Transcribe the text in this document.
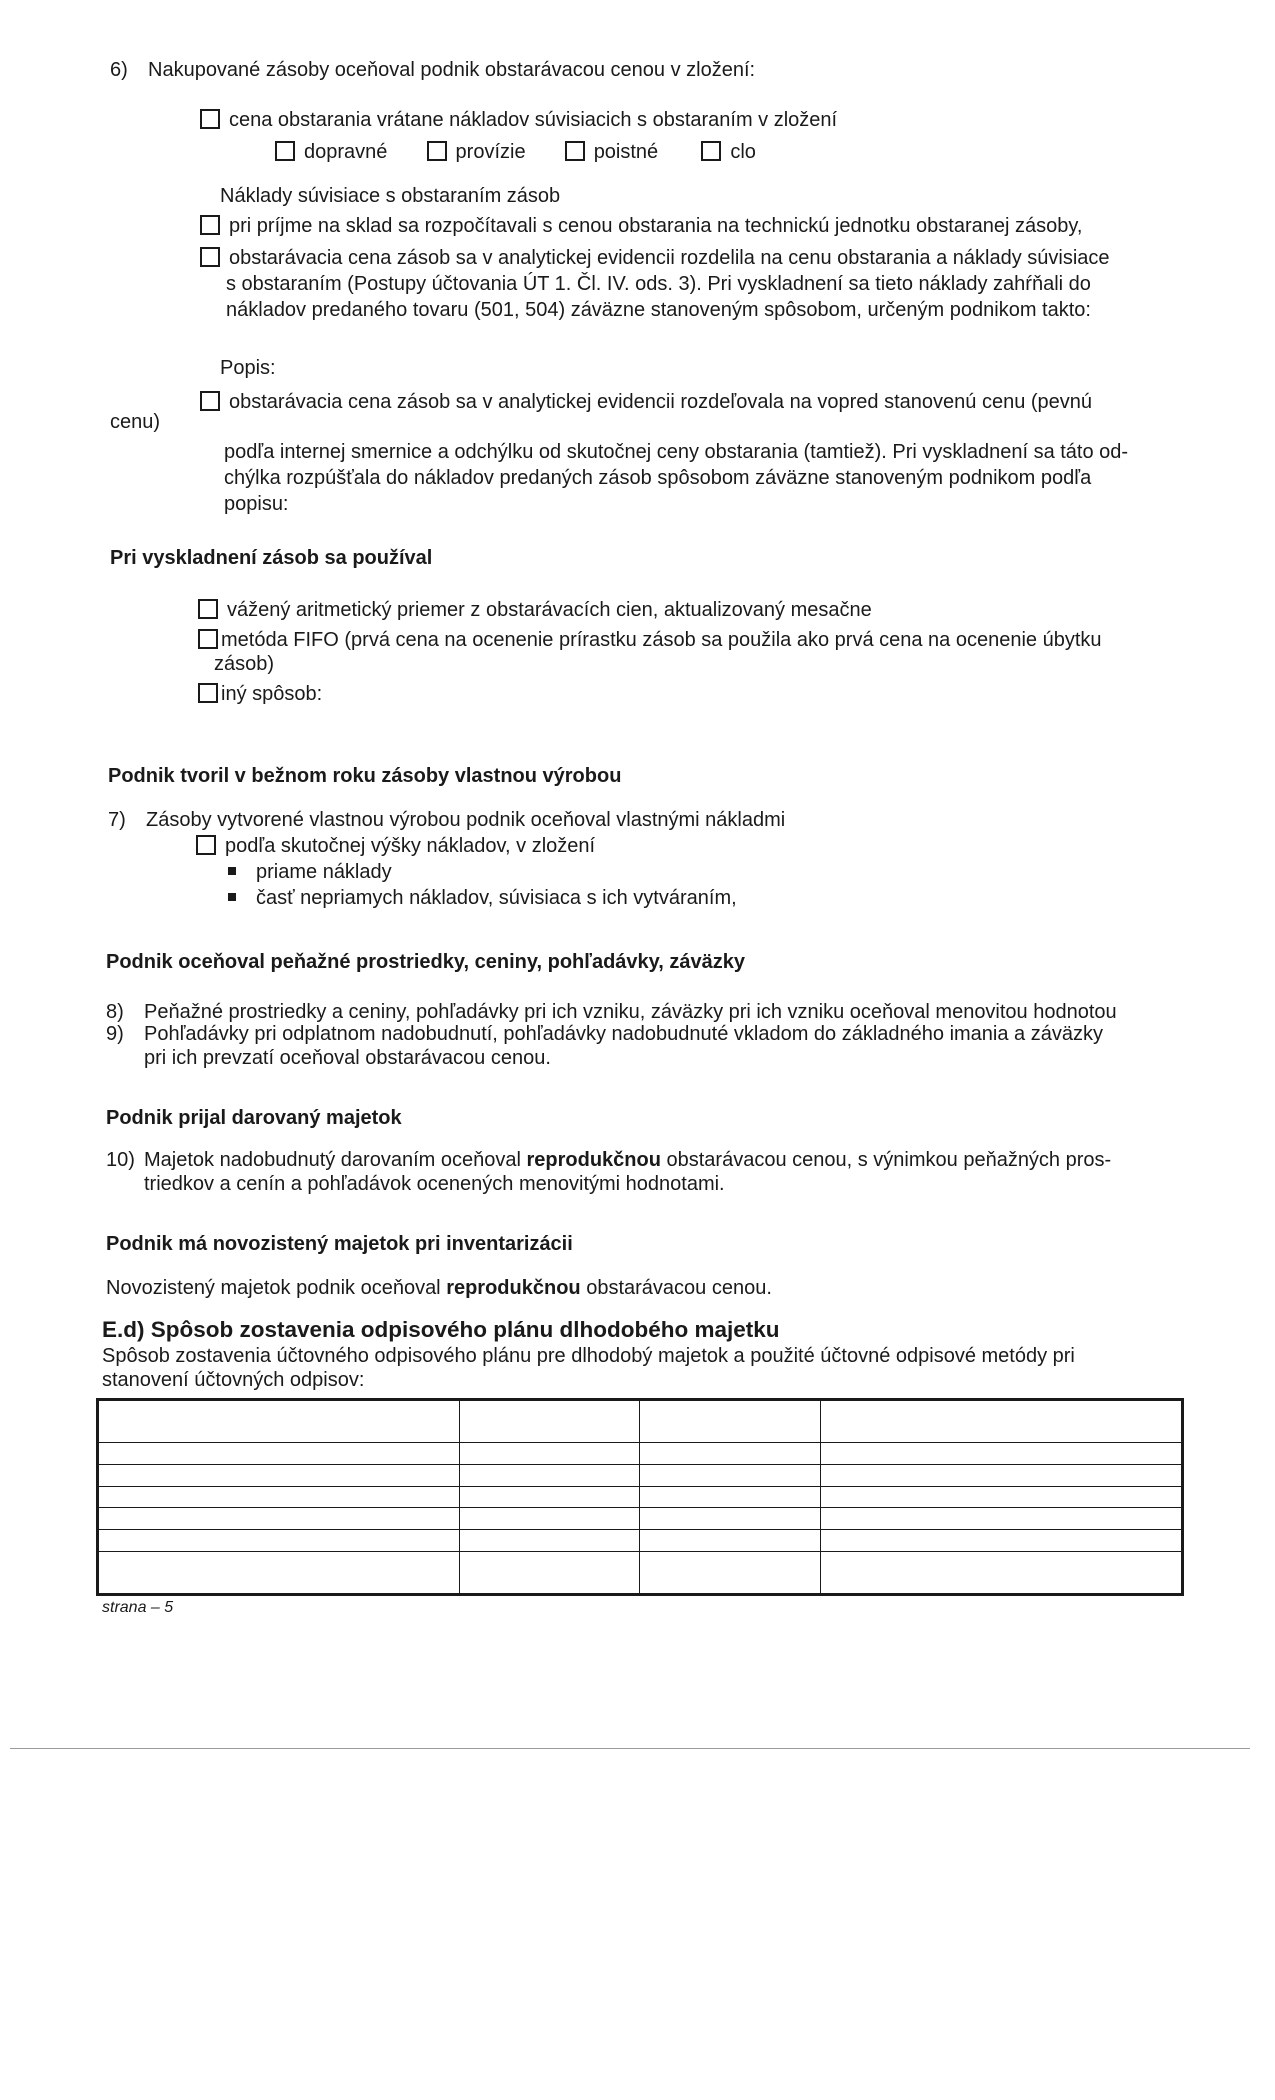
6) Nakupované zásoby oceňoval podnik obstarávacou cenou v zložení:
cena obstarania vrátane nákladov súvisiacich s obstaraním v zložení
dopravné	provízie	poistné	clo
Náklady súvisiace s obstaraním zásob
pri príjme na sklad sa rozpočítavali s cenou obstarania na technickú jednotku obstaranej zásoby,
obstarávacia cena zásob sa v analytickej evidencii rozdelila na cenu obstarania a náklady súvisiace
s obstaraním (Postupy účtovania ÚT 1. Čl. IV. ods. 3). Pri vyskladnení sa tieto náklady zahŕňali do
nákladov predaného tovaru (501, 504) záväzne stanoveným spôsobom, určeným podnikom takto:
Popis:
cenu)
obstarávacia cena zásob sa v analytickej evidencii rozdeľovala na vopred stanovenú cenu (pevnú
podľa internej smernice a odchýlku od skutočnej ceny obstarania (tamtiež). Pri vyskladnení sa táto od-
chýlka rozpúšťala do nákladov predaných zásob spôsobom záväzne stanoveným podnikom podľa
popisu:
Pri vyskladnení zásob sa používal
vážený aritmetický priemer z obstarávacích cien, aktualizovaný mesačne
metóda FIFO (prvá cena na ocenenie prírastku zásob sa použila ako prvá cena na ocenenie úbytku
zásob)
iný spôsob:
Podnik tvoril v bežnom roku zásoby vlastnou výrobou
7) Zásoby vytvorené vlastnou výrobou podnik oceňoval vlastnými nákladmi
podľa skutočnej výšky nákladov, v zložení
priame náklady
časť nepriamych nákladov, súvisiaca s ich vytváraním,
Podnik oceňoval peňažné prostriedky, ceniny, pohľadávky, záväzky
8) Peňažné prostriedky a ceniny, pohľadávky pri ich vzniku, záväzky pri ich vzniku oceňoval menovitou hodnotou
9) Pohľadávky pri odplatnom nadobudnutí, pohľadávky nadobudnuté vkladom do základného imania a záväzky
pri ich prevzatí oceňoval obstarávacou cenou.
Podnik prijal darovaný majetok
10) Majetok nadobudnutý darovaním oceňoval reprodukčnou obstarávacou cenou, s výnimkou peňažných pros-
triedkov a cenín a pohľadávok ocenených menovitými hodnotami.
Podnik má novozistený majetok pri inventarizácii
Novozistený majetok podnik oceňoval reprodukčnou obstarávacou cenou.
E.d) Spôsob zostavenia odpisového plánu dlhodobého majetku
Spôsob zostavenia účtovného odpisového plánu pre dlhodobý majetok a použité účtovné odpisové metódy pri
stanovení účtovných odpisov:

strana – 5
